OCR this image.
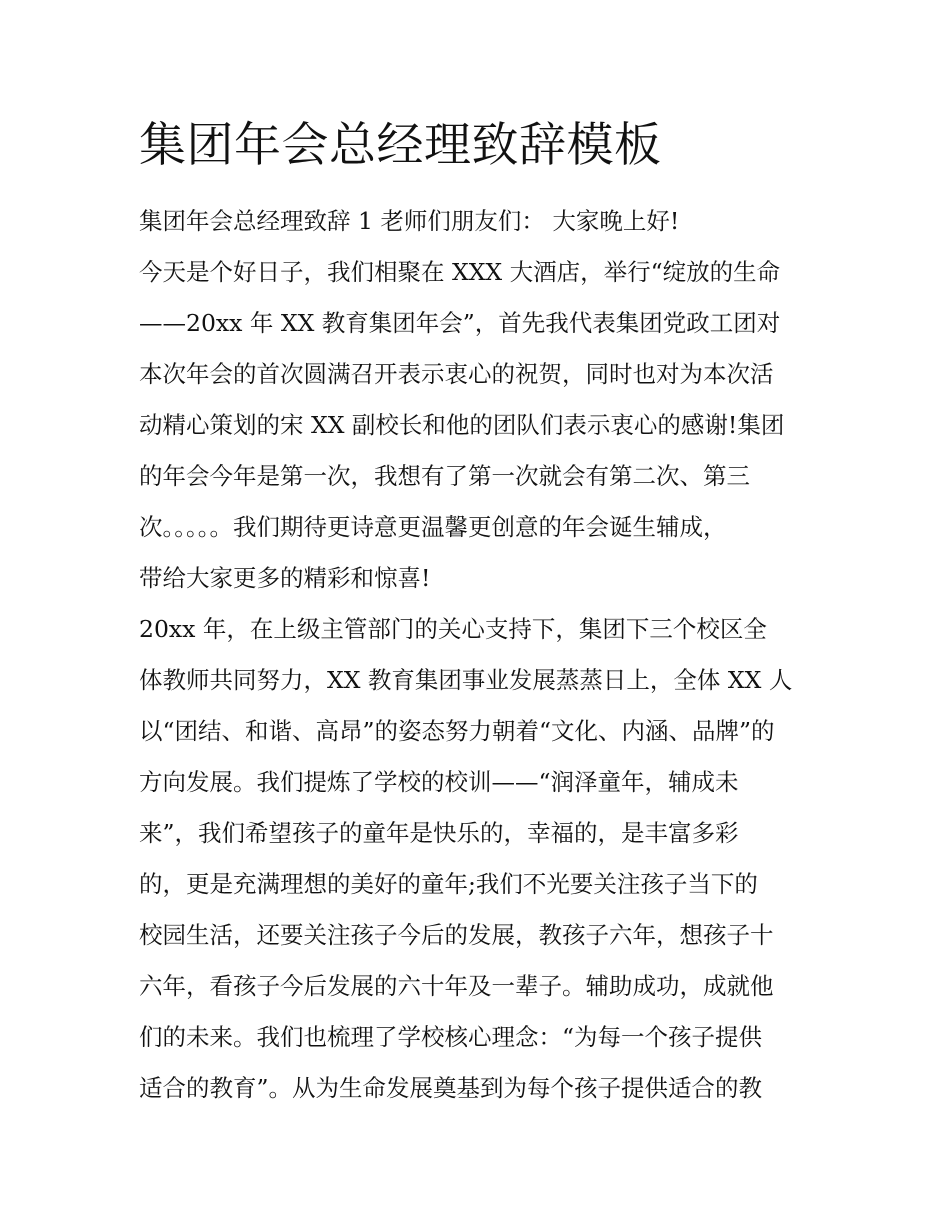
集团年会总经理致辞模板

集团年会总经理致辞 1 老师们朋友们： 大家晚上好!

今天是个好日子，我们相聚在 XXX 大酒店，举行“绽放的生命

——20xx 年 XX 教育集团年会”，首先我代表集团党政工团对

本次年会的首次圆满召开表示衷心的祝贺，同时也对为本次活

动精心策划的宋 XX 副校长和他的团队们表示衷心的感谢!集团

的年会今年是第一次，我想有了第一次就会有第二次、第三

次。。。。。我们期待更诗意更温馨更创意的年会诞生辅成，

带给大家更多的精彩和惊喜!

20xx 年，在上级主管部门的关心支持下，集团下三个校区全

体教师共同努力，XX 教育集团事业发展蒸蒸日上，全体 XX 人

以“团结、和谐、高昂”的姿态努力朝着“文化、内涵、品牌”的

方向发展。我们提炼了学校的校训——“润泽童年，辅成未

来”，我们希望孩子的童年是快乐的，幸福的，是丰富多彩

的，更是充满理想的美好的童年;我们不光要关注孩子当下的

校园生活，还要关注孩子今后的发展，教孩子六年，想孩子十

六年，看孩子今后发展的六十年及一辈子。辅助成功，成就他

们的未来。我们也梳理了学校核心理念：“为每一个孩子提供

适合的教育”。从为生命发展奠基到为每个孩子提供适合的教
